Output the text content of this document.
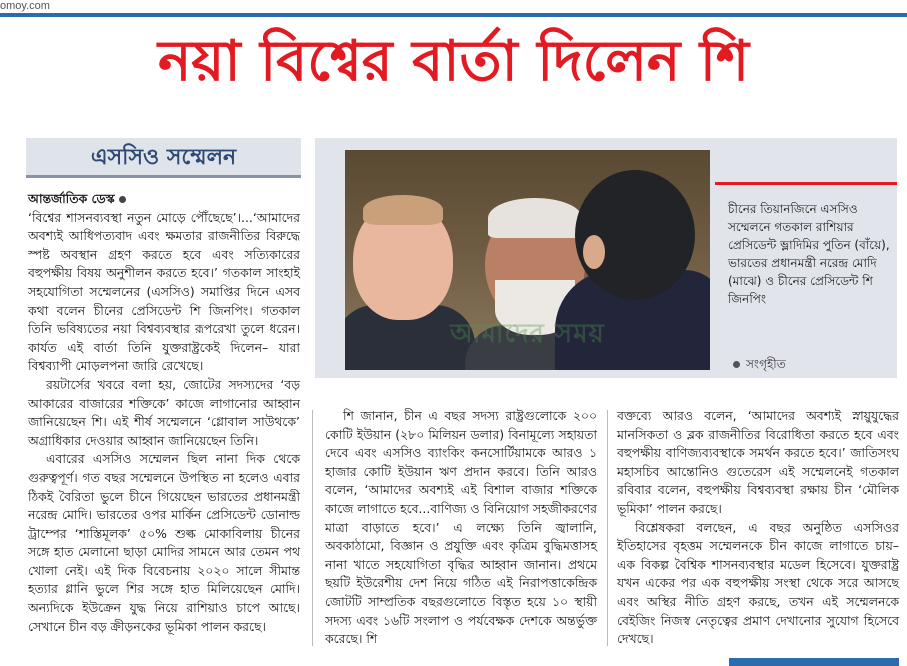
omoy.com
নয়া বিশ্বের বার্তা দিলেন শি
এসসিও সম্মেলন
আমাদের সময়
চীনের তিয়ানজিনে এসসিও সম্মেলনে গতকাল রাশিয়ার প্রেসিডেন্ট ভ্লাদিমির পুতিন (বাঁয়ে), ভারতের প্রধানমন্ত্রী নরেন্দ্র মোদি (মাঝে) ও চীনের প্রেসিডেন্ট শি জিনপিং
সংগৃহীত

আন্তর্জাতিক ডেস্ক

‘বিশ্বের শাসনব্যবস্থা নতুন মোড়ে পৌঁছেছে’।...‘আমাদের অবশ্যই আধিপত্যবাদ এবং ক্ষমতার রাজনীতির বিরুদ্ধে স্পষ্ট অবস্থান গ্রহণ করতে হবে এবং সত্যিকারের বহুপক্ষীয় বিষয় অনুশীলন করতে হবে।’ গতকাল সাংহাই সহযোগিতা সম্মেলনের (এসসিও) সমাপ্তির দিনে এসব কথা বলেন চীনের প্রেসিডেন্ট শি জিনপিং। গতকাল তিনি ভবিষ্যতের নয়া বিশ্বব্যবস্থার রূপরেখা তুলে ধরেন। কার্যত এই বার্তা তিনি যুক্তরাষ্ট্রকেই দিলেন– যারা বিশ্বব্যাপী মোড়লপনা জারি রেখেছে।

রয়টার্সের খবরে বলা হয়, জোটের সদস্যদের ‘বড় আকারের বাজারের শক্তিকে’ কাজে লাগানোর আহ্বান জানিয়েছেন শি। এই শীর্ষ সম্মেলনে ‘গ্লোবাল সাউথকে’ অগ্রাধিকার দেওয়ার আহ্বান জানিয়েছেন তিনি।

এবারের এসসিও সম্মেলন ছিল নানা দিক থেকে গুরুত্বপূর্ণ। গত বছর সম্মেলনে উপস্থিত না হলেও এবার ঠিকই বৈরিতা ভুলে চীনে গিয়েছেন ভারতের প্রধানমন্ত্রী নরেন্দ্র মোদি। ভারতের ওপর মার্কিন প্রেসিডেন্ট ডোনাল্ড ট্রাম্পের ‘শাস্তিমূলক’ ৫০% শুল্ক মোকাবিলায় চীনের সঙ্গে হাত মেলানো ছাড়া মোদির সামনে আর তেমন পথ খোলা নেই। এই দিক বিবেচনায় ২০২০ সালে সীমান্ত হত্যার গ্লানি ভুলে শির সঙ্গে হাত মিলিয়েছেন মোদি। অন্যদিকে ইউক্রেন যুদ্ধ নিয়ে রাশিয়াও চাপে আছে। সেখানে চীন বড় ক্রীড়নকের ভূমিকা পালন করছে।

শি জানান, চীন এ বছর সদস্য রাষ্ট্রগুলোকে ২০০ কোটি ইউয়ান (২৮০ মিলিয়ন ডলার) বিনামূল্যে সহায়তা দেবে এবং এসসিও ব্যাংকিং কনসোর্টিয়ামকে আরও ১ হাজার কোটি ইউয়ান ঋণ প্রদান করবে। তিনি আরও বলেন, ‘আমাদের অবশ্যই এই বিশাল বাজার শক্তিকে কাজে লাগাতে হবে...বাণিজ্য ও বিনিয়োগ সহজীকরণের মাত্রা বাড়াতে হবে।’ এ লক্ষ্যে তিনি জ্বালানি, অবকাঠামো, বিজ্ঞান ও প্রযুক্তি এবং কৃত্রিম বুদ্ধিমত্তাসহ নানা খাতে সহযোগিতা বৃদ্ধির আহ্বান জানান। প্রথমে ছয়টি ইউরেশীয় দেশ নিয়ে গঠিত এই নিরাপত্তাকেন্দ্রিক জোটটি সাম্প্রতিক বছরগুলোতে বিস্তৃত হয়ে ১০ স্থায়ী সদস্য এবং ১৬টি সংলাপ ও পর্যবেক্ষক দেশকে অন্তর্ভুক্ত করেছে। শি

বক্তব্যে আরও বলেন, ‘আমাদের অবশ্যই স্নায়ুযুদ্ধের মানসিকতা ও ব্লক রাজনীতির বিরোধিতা করতে হবে এবং বহুপক্ষীয় বাণিজ্যব্যবস্থাকে সমর্থন করতে হবে।’ জাতিসংঘ মহাসচিব আন্তোনিও গুতেরেস এই সম্মেলনেই গতকাল রবিবার বলেন, বহুপক্ষীয় বিশ্বব্যবস্থা রক্ষায় চীন ‘মৌলিক ভূমিকা’ পালন করছে।

বিশ্লেষকরা বলছেন, এ বছর অনুষ্ঠিত এসসিওর ইতিহাসের বৃহত্তম সম্মেলনকে চীন কাজে লাগাতে চায়– এক বিকল্প বৈশ্বিক শাসনব্যবস্থার মডেল হিসেবে। যুক্তরাষ্ট্র যখন একের পর এক বহুপক্ষীয় সংস্থা থেকে সরে আসছে এবং অস্থির নীতি গ্রহণ করছে, তখন এই সম্মেলনকে বেইজিং নিজস্ব নেতৃত্বের প্রমাণ দেখানোর সুযোগ হিসেবে দেখছে।
